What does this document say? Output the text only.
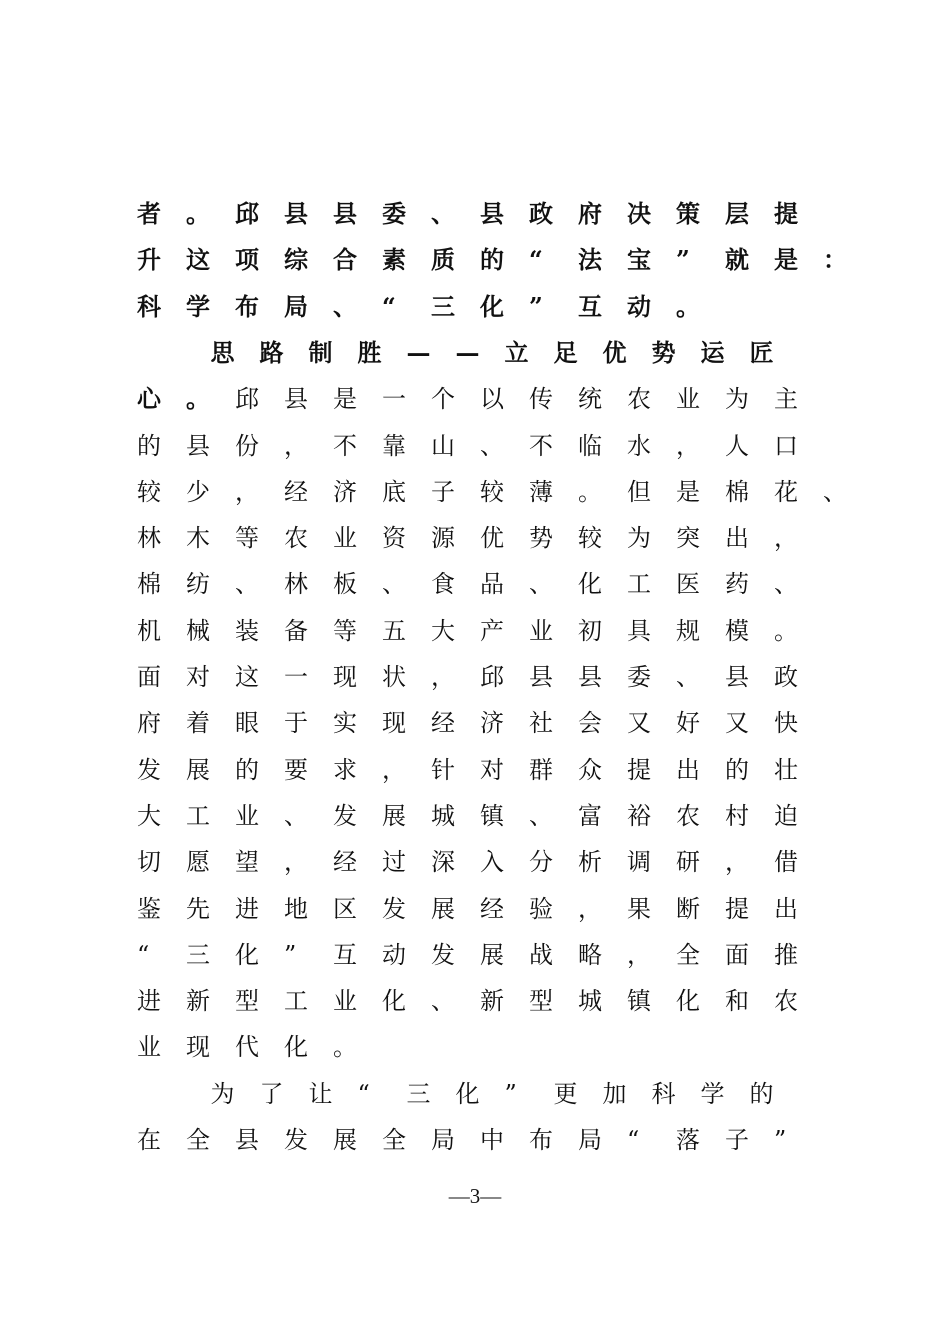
者	。	邱	县	县	委	、	县	政	府	决	策	层	提
升	这	项	综	合	素	质	的	“	法	宝	”	就	是	：
科	学	布	局	、	“	三	化	”	互	动	。
思	路	制	胜	—	—	立	足	优	势	运	匠
心	。	邱	县	是	一	个	以	传	统	农	业	为	主
的	县	份	，	不	靠	山	、	不	临	水	，	人	口
较	少	，	经	济	底	子	较	薄	。	但	是	棉	花	、
林	木	等	农	业	资	源	优	势	较	为	突	出	，
棉	纺	、	林	板	、	食	品	、	化	工	医	药	、
机	械	装	备	等	五	大	产	业	初	具	规	模	。
面	对	这	一	现	状	，	邱	县	县	委	、	县	政
府	着	眼	于	实	现	经	济	社	会	又	好	又	快
发	展	的	要	求	，	针	对	群	众	提	出	的	壮
大	工	业	、	发	展	城	镇	、	富	裕	农	村	迫
切	愿	望	，	经	过	深	入	分	析	调	研	，	借
鉴	先	进	地	区	发	展	经	验	，	果	断	提	出
“	三	化	”	互	动	发	展	战	略	，	全	面	推
进	新	型	工	业	化	、	新	型	城	镇	化	和	农
业	现	代	化	。
为	了	让	“	三	化	”	更	加	科	学	的
在	全	县	发	展	全	局	中	布	局	“	落	子	”
—3—
